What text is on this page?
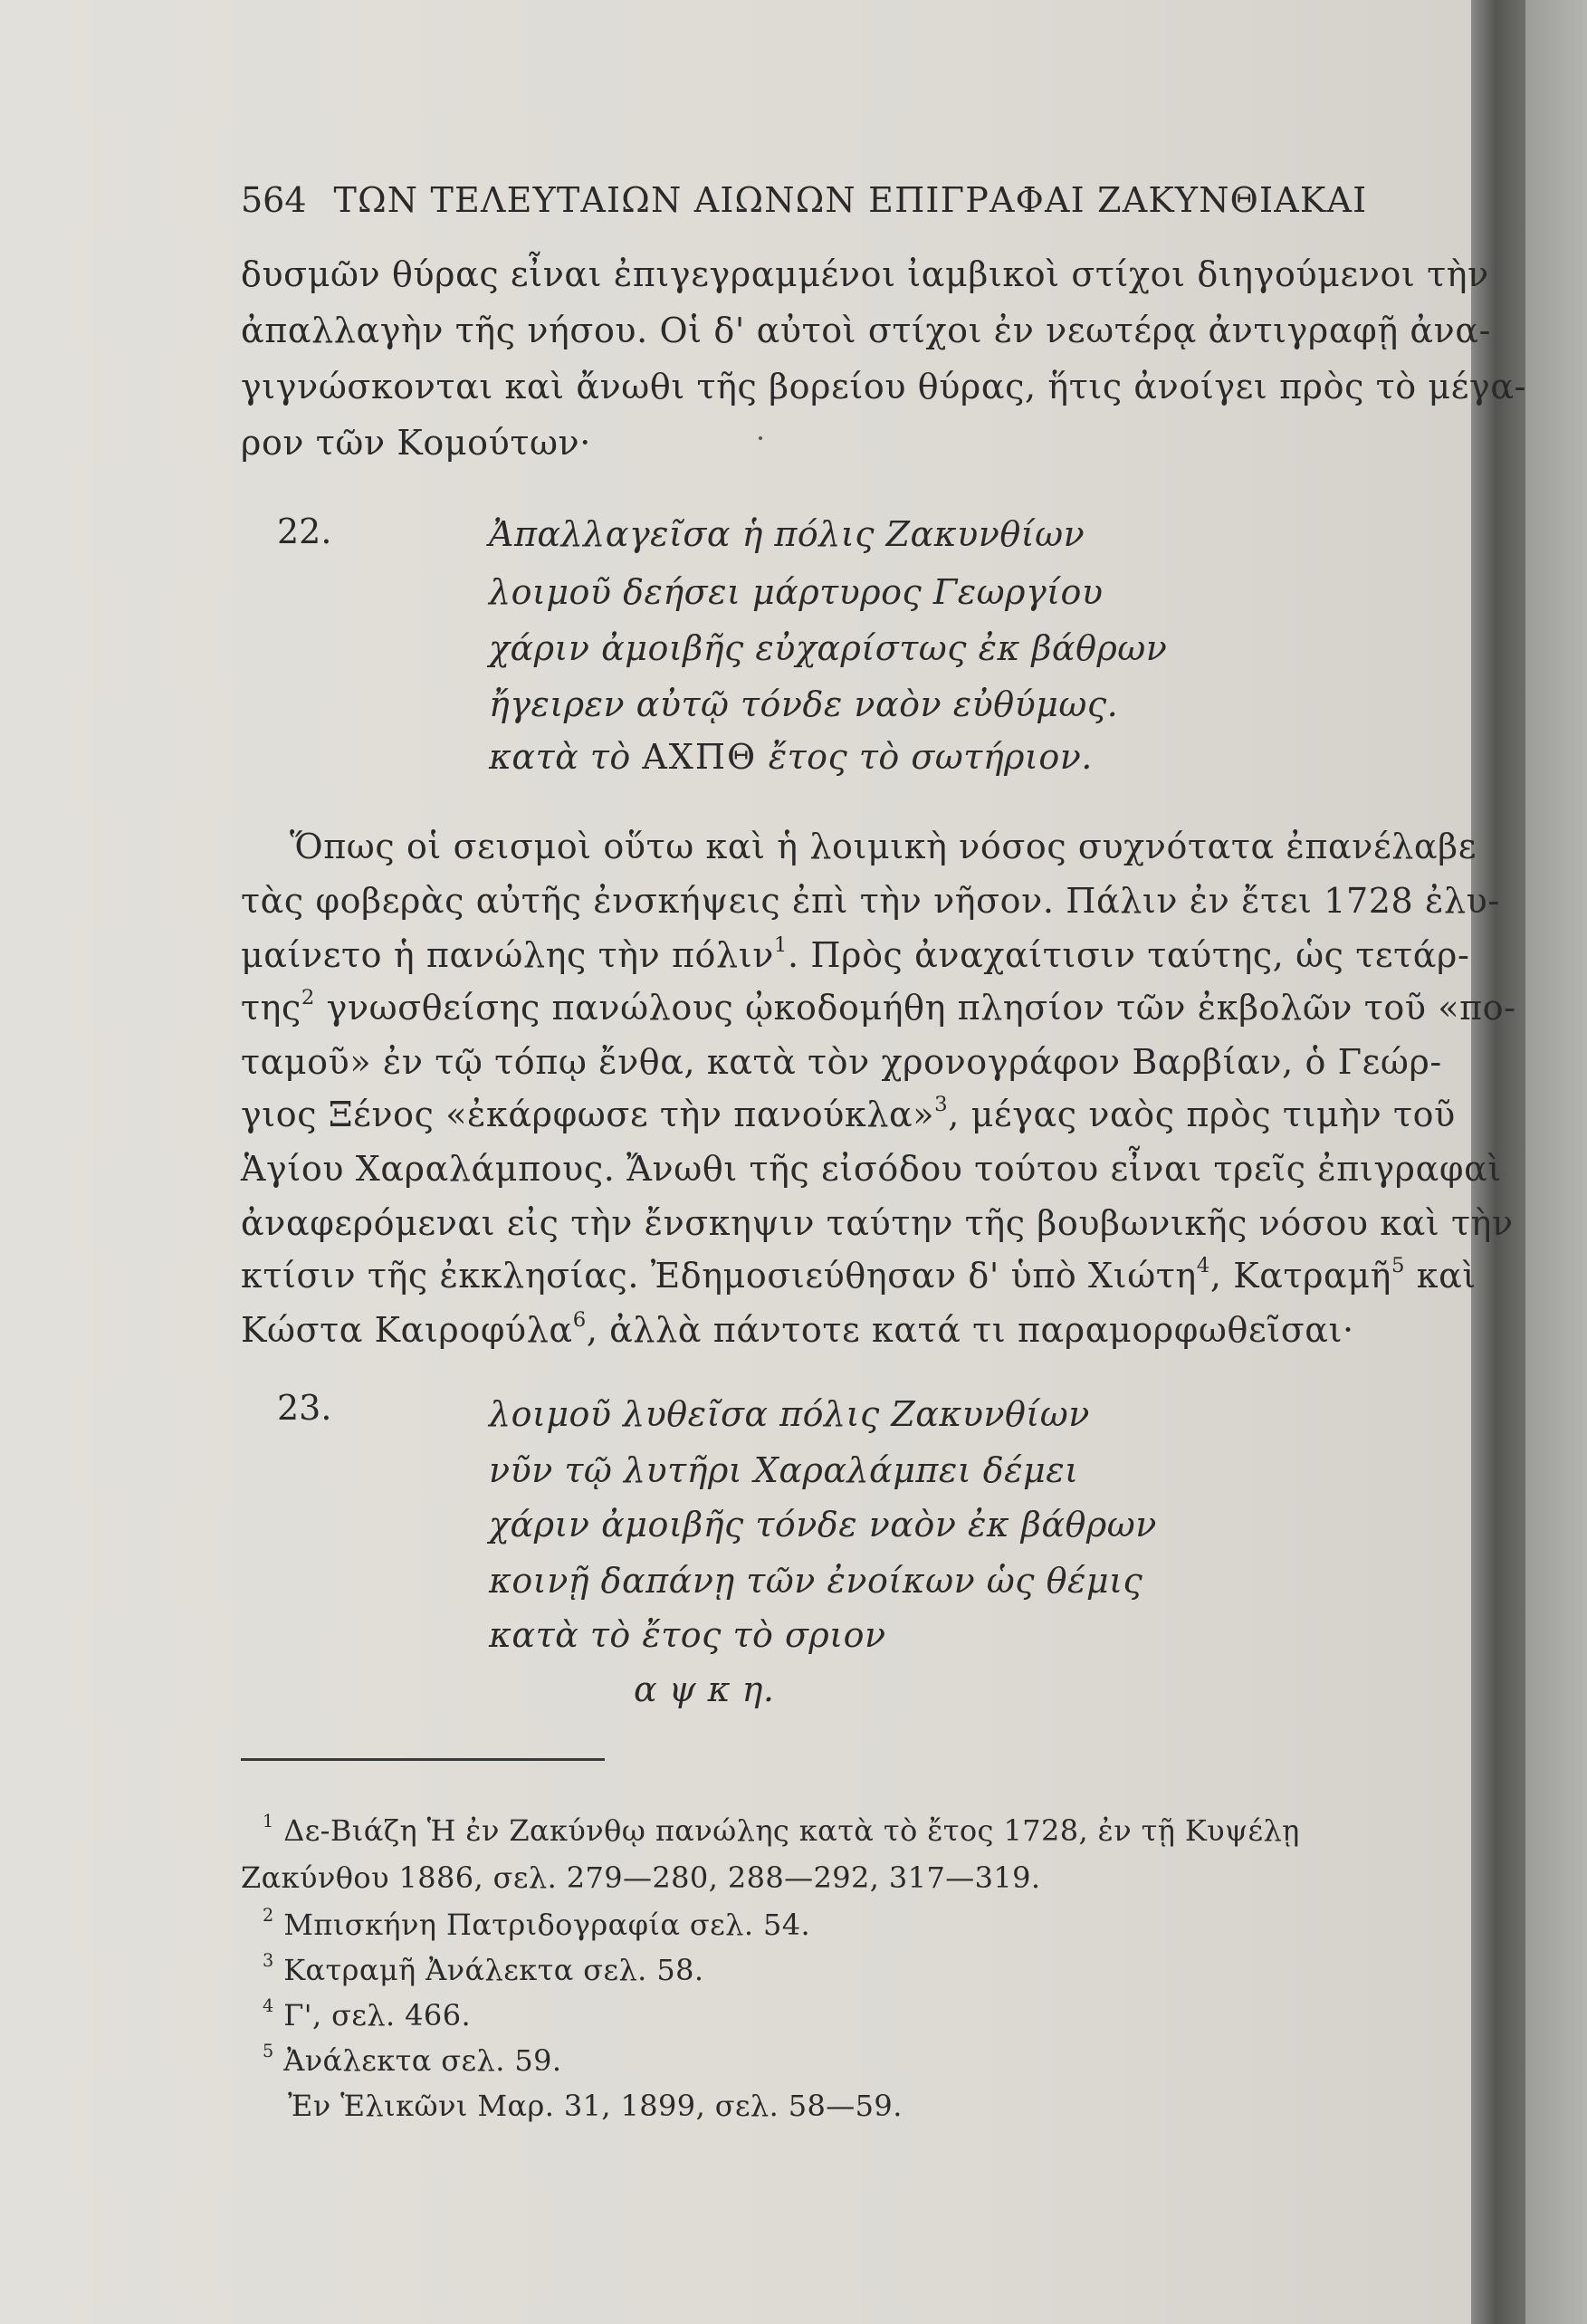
564 ΤΩΝ ΤΕΛΕΥΤΑΙΩΝ ΑΙΩΝΩΝ ΕΠΙΓΡΑΦΑΙ ΖΑΚΥΝΘΙΑΚΑΙ
δυσμῶν θύρας εἶναι ἐπιγεγραμμένοι ἰαμβικοὶ στίχοι διηγούμενοι τὴν
ἀπαλλαγὴν τῆς νήσου. Οἱ δ' αὐτοὶ στίχοι ἐν νεωτέρᾳ ἀντιγραφῇ ἀνα-
γιγνώσκονται καὶ ἄνωθι τῆς βορείου θύρας, ἥτις ἀνοίγει πρὸς τὸ μέγα-
ρον τῶν Κομούτων·
22.	Ἀπαλλαγεῖσα ἡ πόλις Ζακυνθίων
λοιμοῦ δεήσει μάρτυρος Γεωργίου
χάριν ἀμοιβῆς εὐχαρίστως ἐκ βάθρων
ἤγειρεν αὐτῷ τόνδε ναὸν εὐθύμως.
κατὰ τὸ ΑΧΠΘ ἔτος τὸ σωτήριον.
Ὅπως οἱ σεισμοὶ οὕτω καὶ ἡ λοιμικὴ νόσος συχνότατα ἐπανέλαβε
τὰς φοβερὰς αὐτῆς ἐνσκήψεις ἐπὶ τὴν νῆσον. Πάλιν ἐν ἔτει 1728 ἐλυ-
μαίνετο ἡ πανώλης τὴν πόλιν$^1$. Πρὸς ἀναχαίτισιν ταύτης, ὡς τετάρ-
της$^2$ γνωσθείσης πανώλους ᾠκοδομήθη πλησίον τῶν ἐκβολῶν τοῦ «πο-
ταμοῦ» ἐν τῷ τόπῳ ἔνθα, κατὰ τὸν χρονογράφον Βαρβίαν, ὁ Γεώρ-
γιος Ξένος «ἐκάρφωσε τὴν πανούκλα»$^3$, μέγας ναὸς πρὸς τιμὴν τοῦ
Ἁγίου Χαραλάμπους. Ἄνωθι τῆς εἰσόδου τούτου εἶναι τρεῖς ἐπιγραφαὶ
ἀναφερόμεναι εἰς τὴν ἔνσκηψιν ταύτην τῆς βουβωνικῆς νόσου καὶ τὴν
κτίσιν τῆς ἐκκλησίας. Ἐδημοσιεύθησαν δ' ὑπὸ Χιώτη$^4$, Κατραμῆ$^5$ καὶ
Κώστα Καιροφύλα$^6$, ἀλλὰ πάντοτε κατά τι παραμορφωθεῖσαι·
23.	λοιμοῦ λυθεῖσα πόλις Ζακυνθίων
νῦν τῷ λυτῆρι Χαραλάμπει δέμει
χάριν ἀμοιβῆς τόνδε ναὸν ἐκ βάθρων
κοινῇ δαπάνῃ τῶν ἐνοίκων ὡς θέμις
κατὰ τὸ ἔτος τὸ σριον
α ψ κ η.
$^1$ Δε-Βιάζη Ἡ ἐν Ζακύνθῳ πανώλης κατὰ τὸ ἔτος 1728, ἐν τῇ Κυψέλῃ
Ζακύνθου 1886, σελ. 279—280, 288—292, 317—319.
$^2$ Μπισκήνη Πατριδογραφία σελ. 54.
$^3$ Κατραμῆ Ἀνάλεκτα σελ. 58.
$^4$ Γ', σελ. 466.
$^5$ Ἀνάλεκτα σελ. 59.
Ἐν Ἑλικῶνι Μαρ. 31, 1899, σελ. 58—59.
